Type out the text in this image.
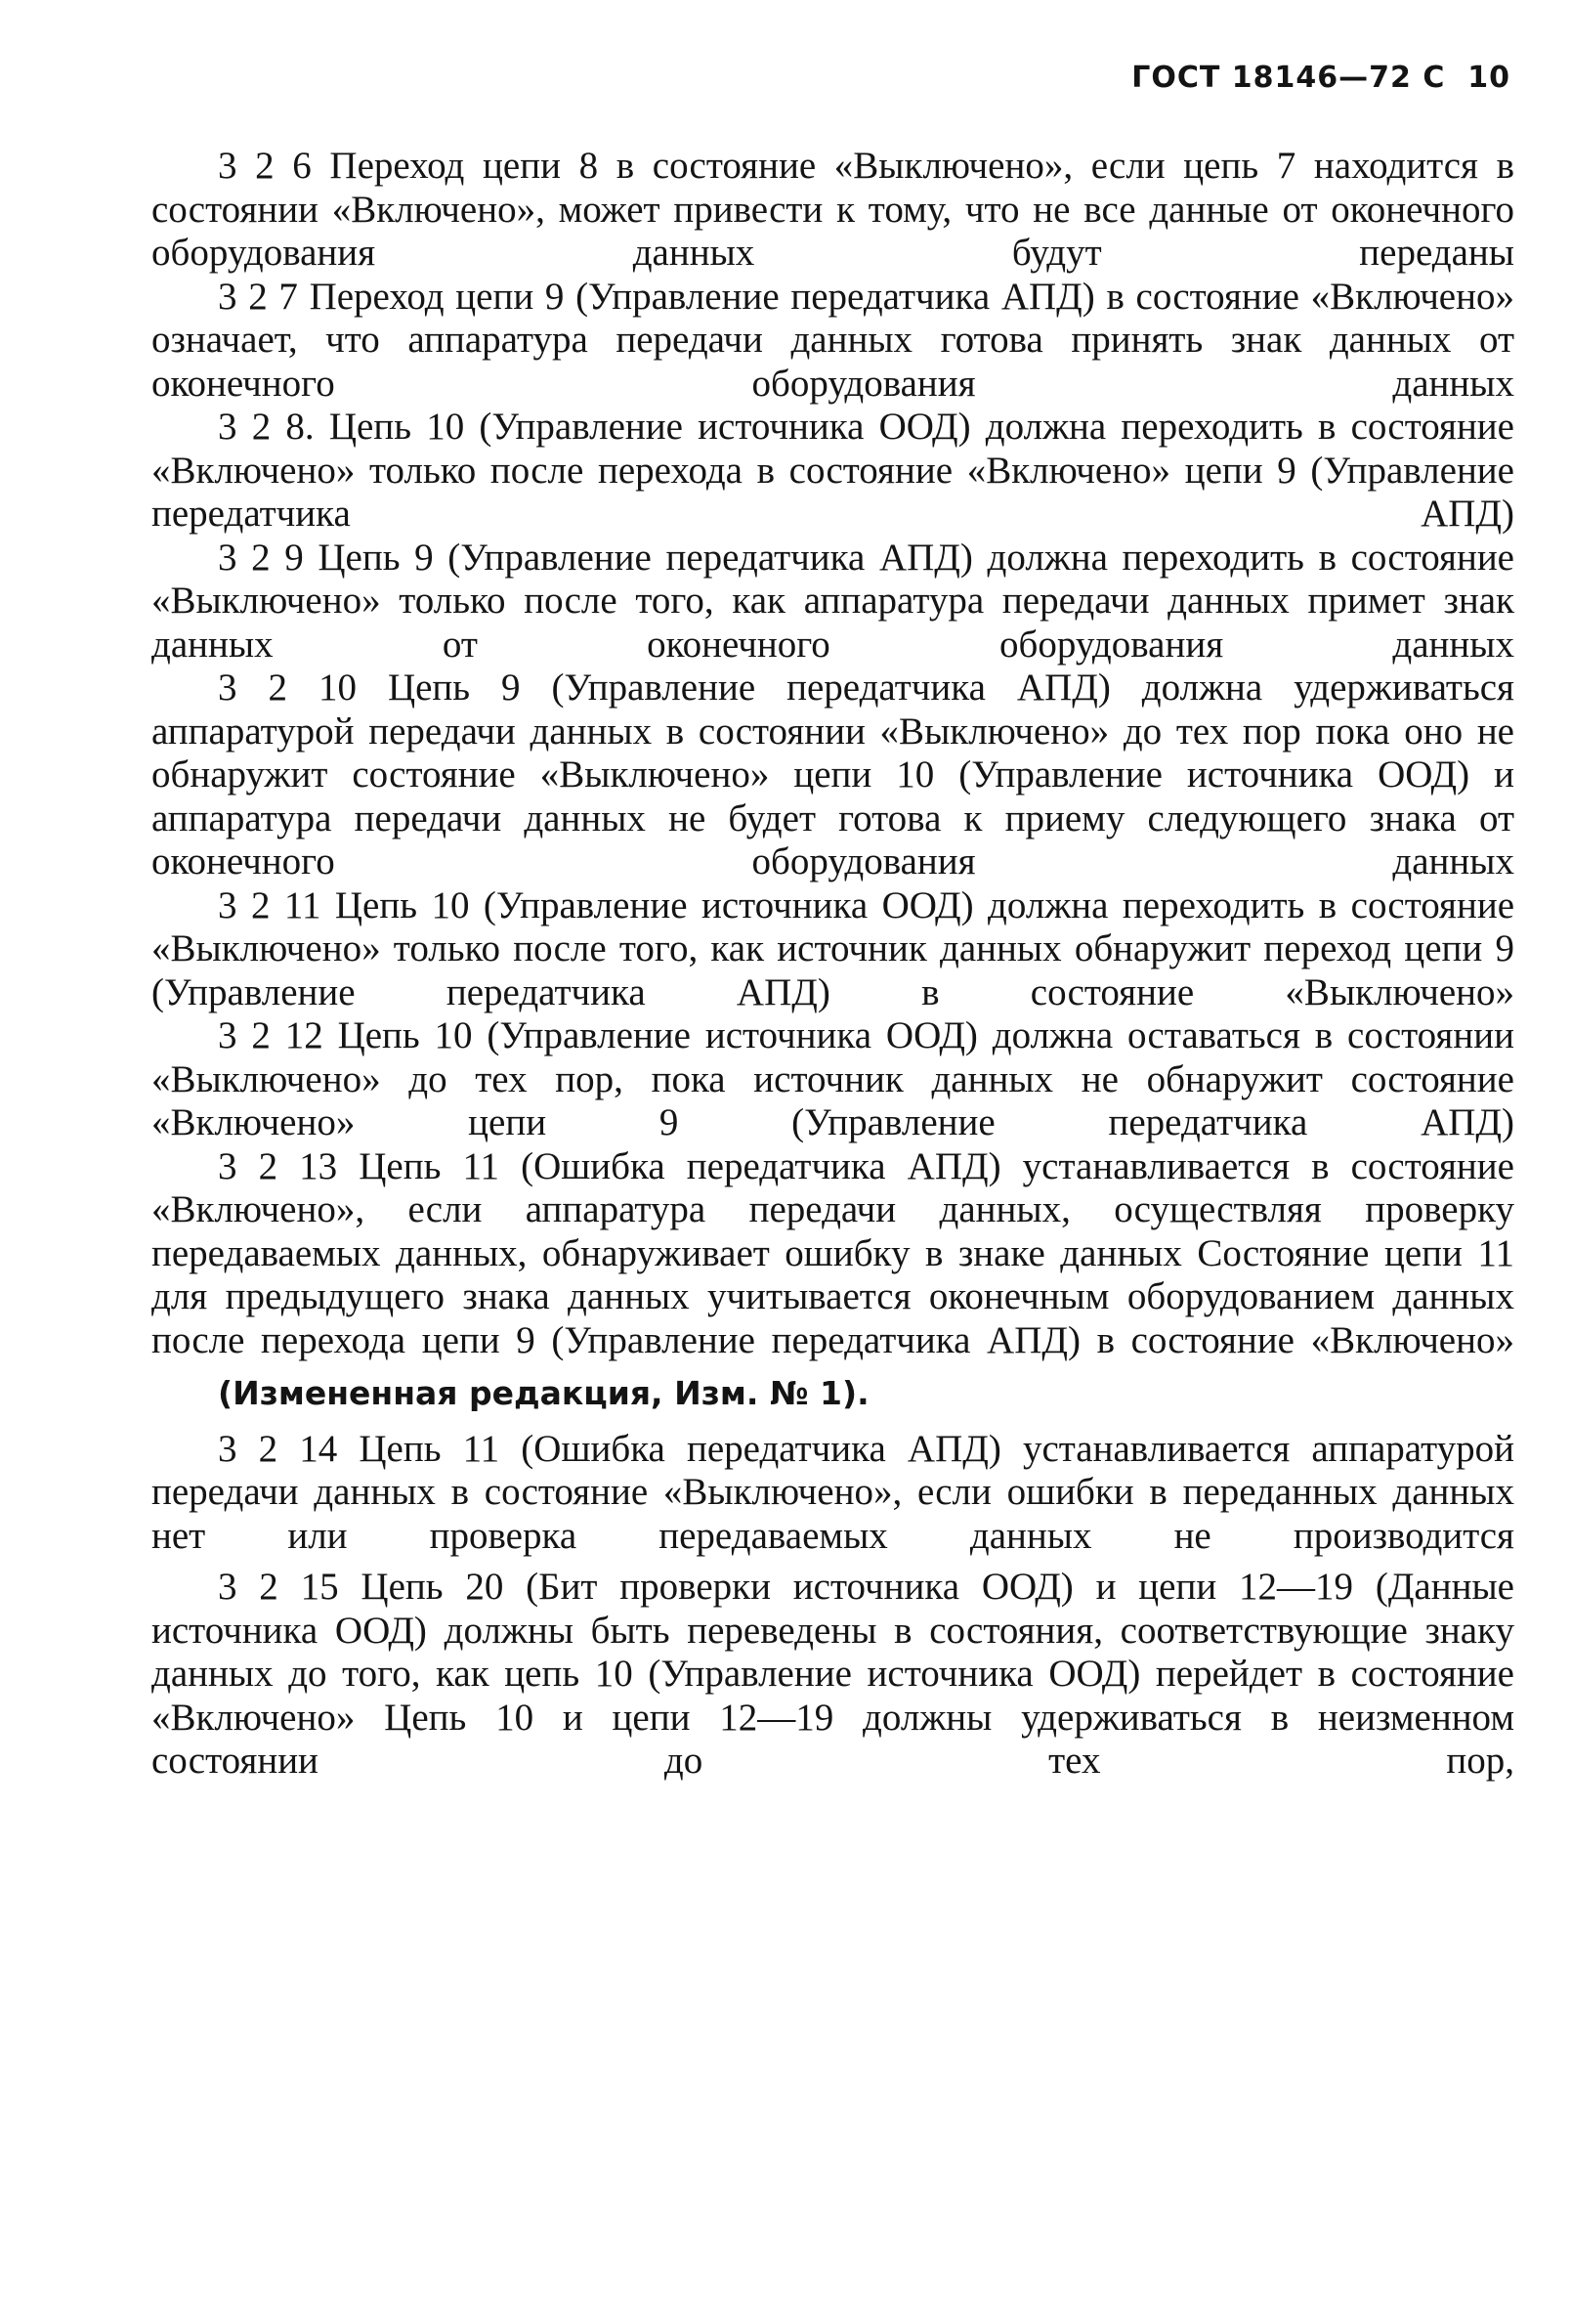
ГОСТ 18146—72 С 10

3 2 6 Переход цепи 8 в состояние «Выключено», если цепь 7 находится в состоянии «Включено», может привести к тому, что не все данные от оконечного оборудования данных будут переданы

3 2 7 Переход цепи 9 (Управление передатчика АПД) в состояние «Включено» означает, что аппаратура передачи данных готова принять знак данных от оконечного оборудования данных

3 2 8. Цепь 10 (Управление источника ООД) должна переходить в состояние «Включено» только после перехода в состояние «Включено» цепи 9 (Управление передатчика АПД)

3 2 9 Цепь 9 (Управление передатчика АПД) должна переходить в состояние «Выключено» только после того, как аппаратура передачи данных примет знак данных от оконечного оборудования данных

3 2 10 Цепь 9 (Управление передатчика АПД) должна удерживаться аппаратурой передачи данных в состоянии «Выключено» до тех пор пока оно не обнаружит состояние «Выключено» цепи 10 (Управление источника ООД) и аппаратура передачи данных не будет готова к приему следующего знака от оконечного оборудования данных

3 2 11 Цепь 10 (Управление источника ООД) должна переходить в состояние «Выключено» только после того, как источник данных обнаружит переход цепи 9 (Управление передатчика АПД) в состояние «Выключено»

3 2 12 Цепь 10 (Управление источника ООД) должна оставаться в состоянии «Выключено» до тех пор, пока источник данных не обнаружит состояние «Включено» цепи 9 (Управление передатчика АПД)

3 2 13 Цепь 11 (Ошибка передатчика АПД) устанавливается в состояние «Включено», если аппаратура передачи данных, осуществляя проверку передаваемых данных, обнаруживает ошибку в знаке данных Состояние цепи 11 для предыдущего знака данных учитывается оконечным оборудованием данных после перехода цепи 9 (Управление передатчика АПД) в состояние «Включено»

(Измененная редакция, Изм. № 1).

3 2 14 Цепь 11 (Ошибка передатчика АПД) устанавливается аппаратурой передачи данных в состояние «Выключено», если ошибки в переданных данных нет или проверка передаваемых данных не производится

3 2 15 Цепь 20 (Бит проверки источника ООД) и цепи 12—19 (Данные источника ООД) должны быть переведены в состояния, соответствующие знаку данных до того, как цепь 10 (Управление источника ООД) перейдет в состояние «Включено» Цепь 10 и цепи 12—19 должны удерживаться в неизменном состоянии до тех пор,
